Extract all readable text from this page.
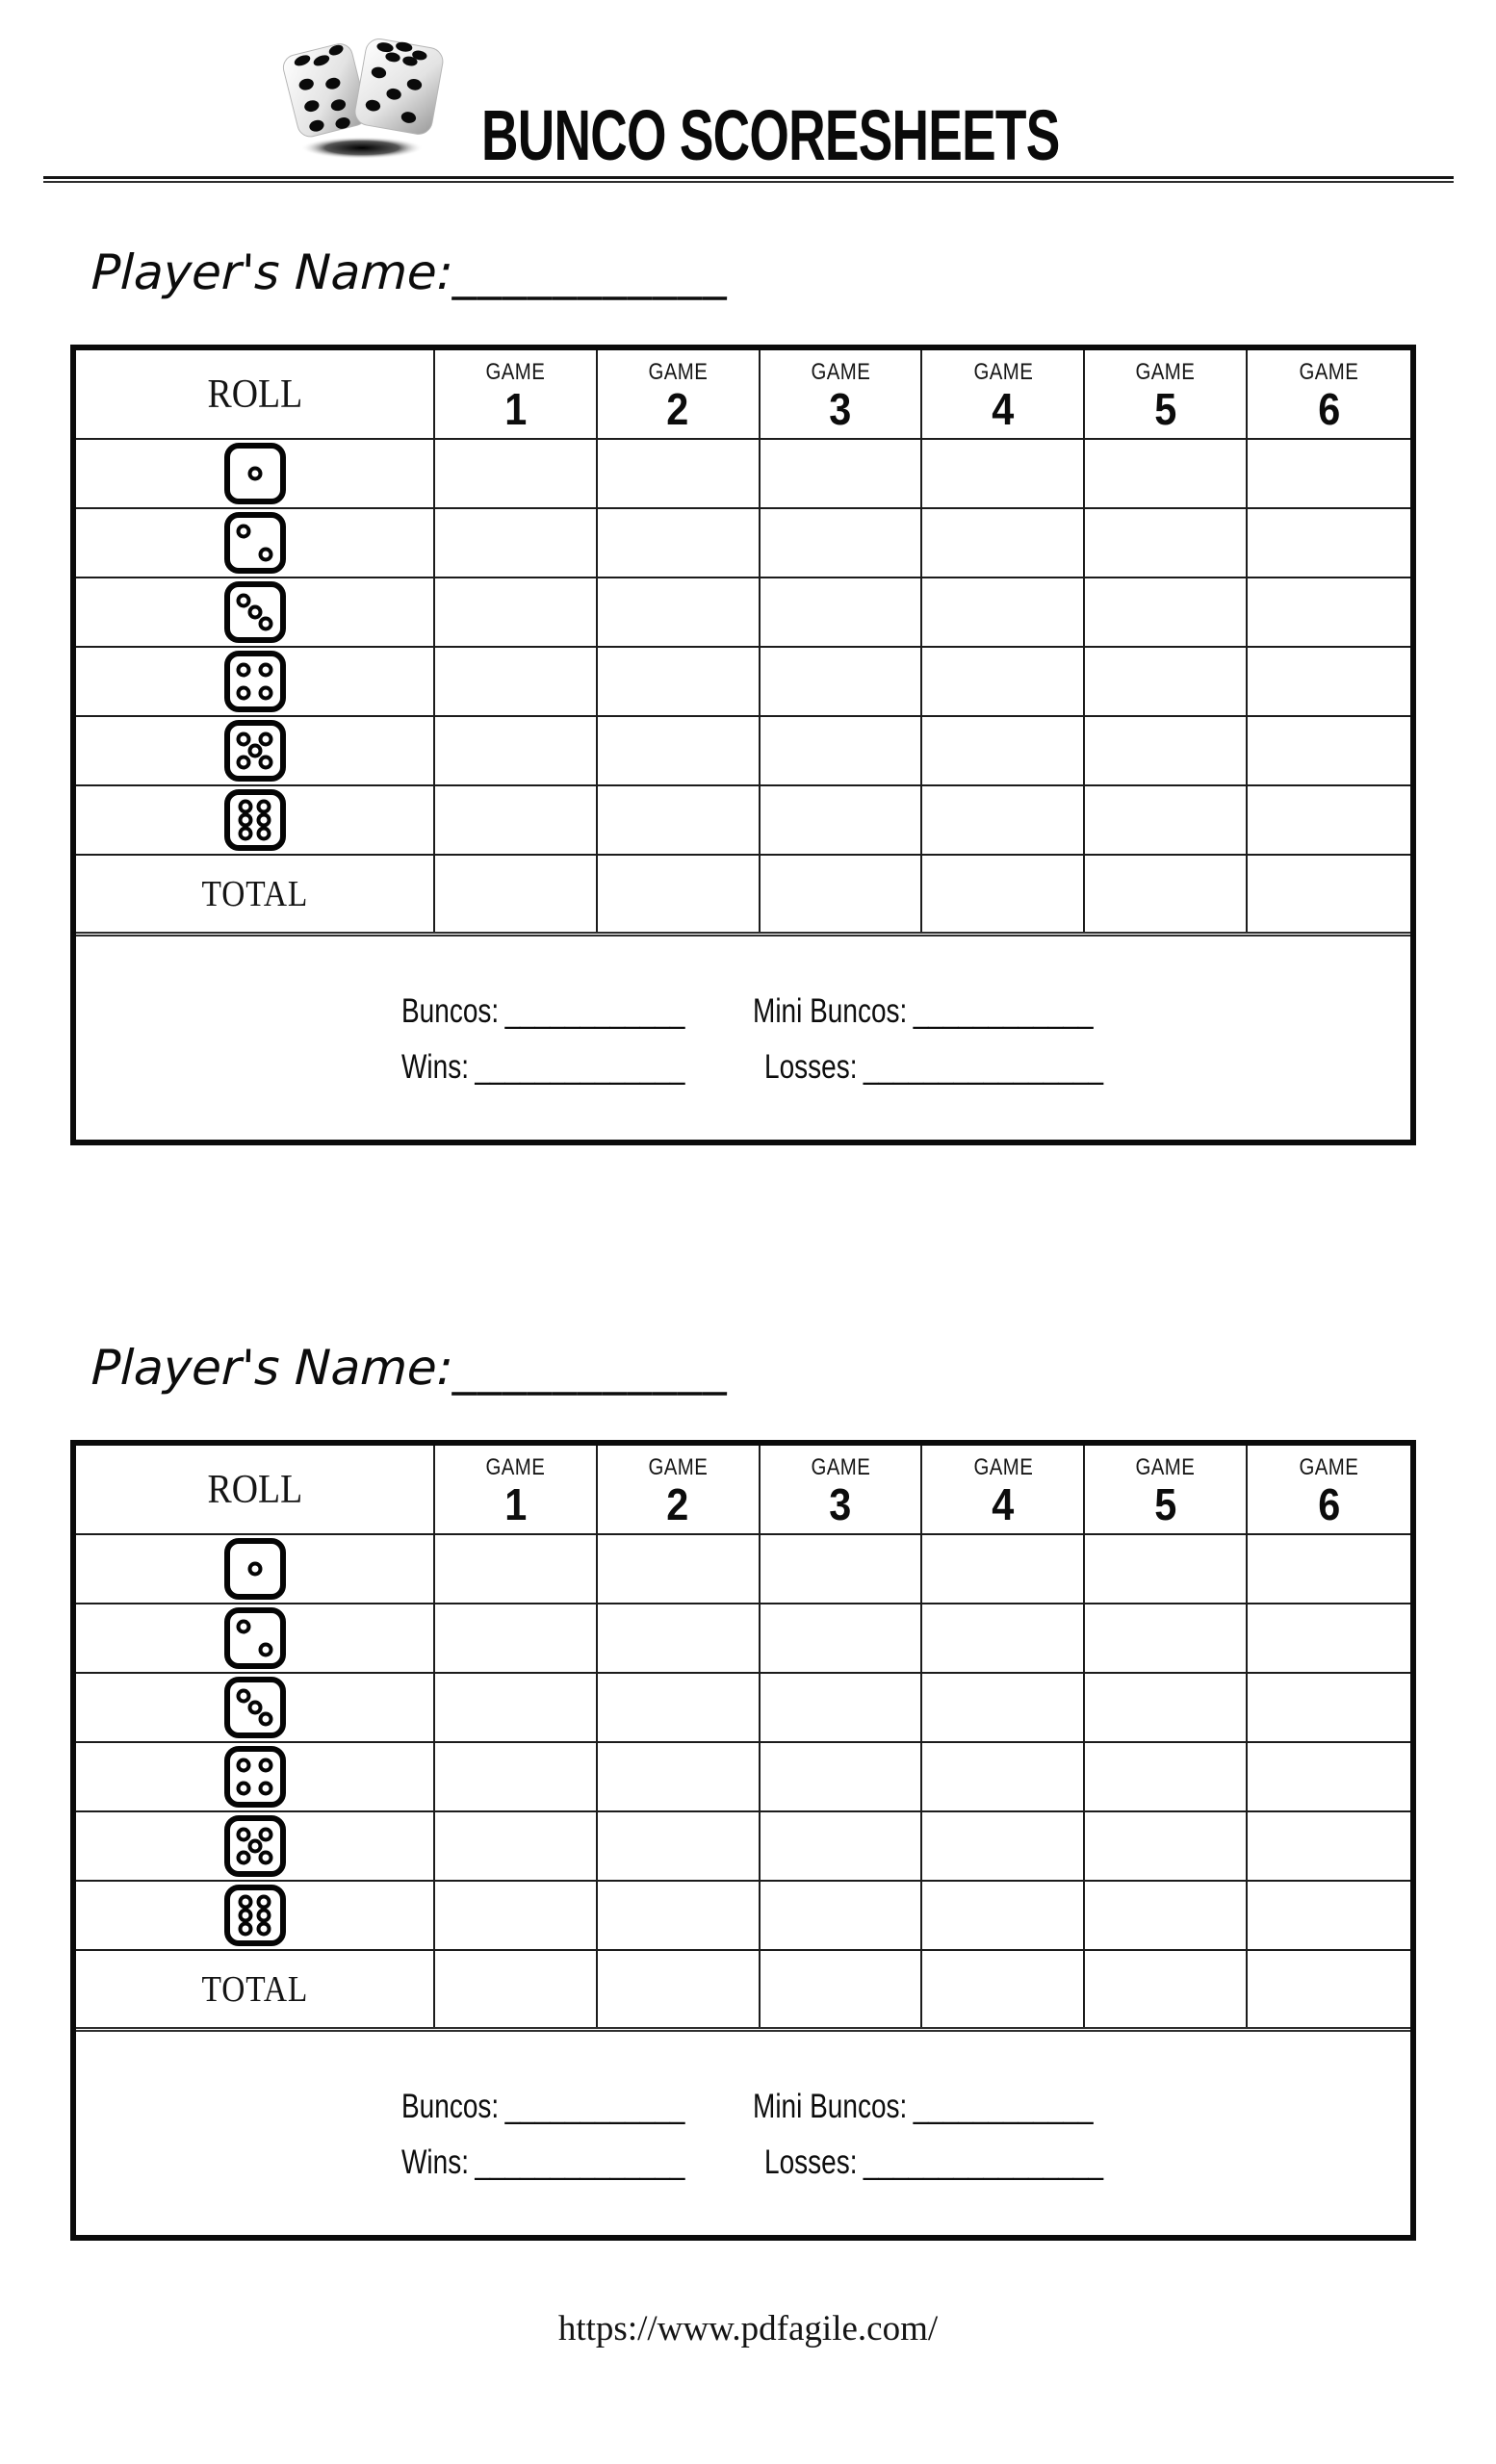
BUNCO SCORESHEETS
Player's Name:___________
ROLL	GAME
1
GAME
2
GAME
3
GAME
4
GAME
5
GAME
6
TOTAL
Buncos: ____________ Mini Buncos: ____________
Wins: ______________ Losses: ________________
Player's Name:___________
ROLL	GAME
1
GAME
2
GAME
3
GAME
4
GAME
5
GAME
6
TOTAL
Buncos: ____________ Mini Buncos: ____________
Wins: ______________ Losses: ________________
https://www.pdfagile.com/
